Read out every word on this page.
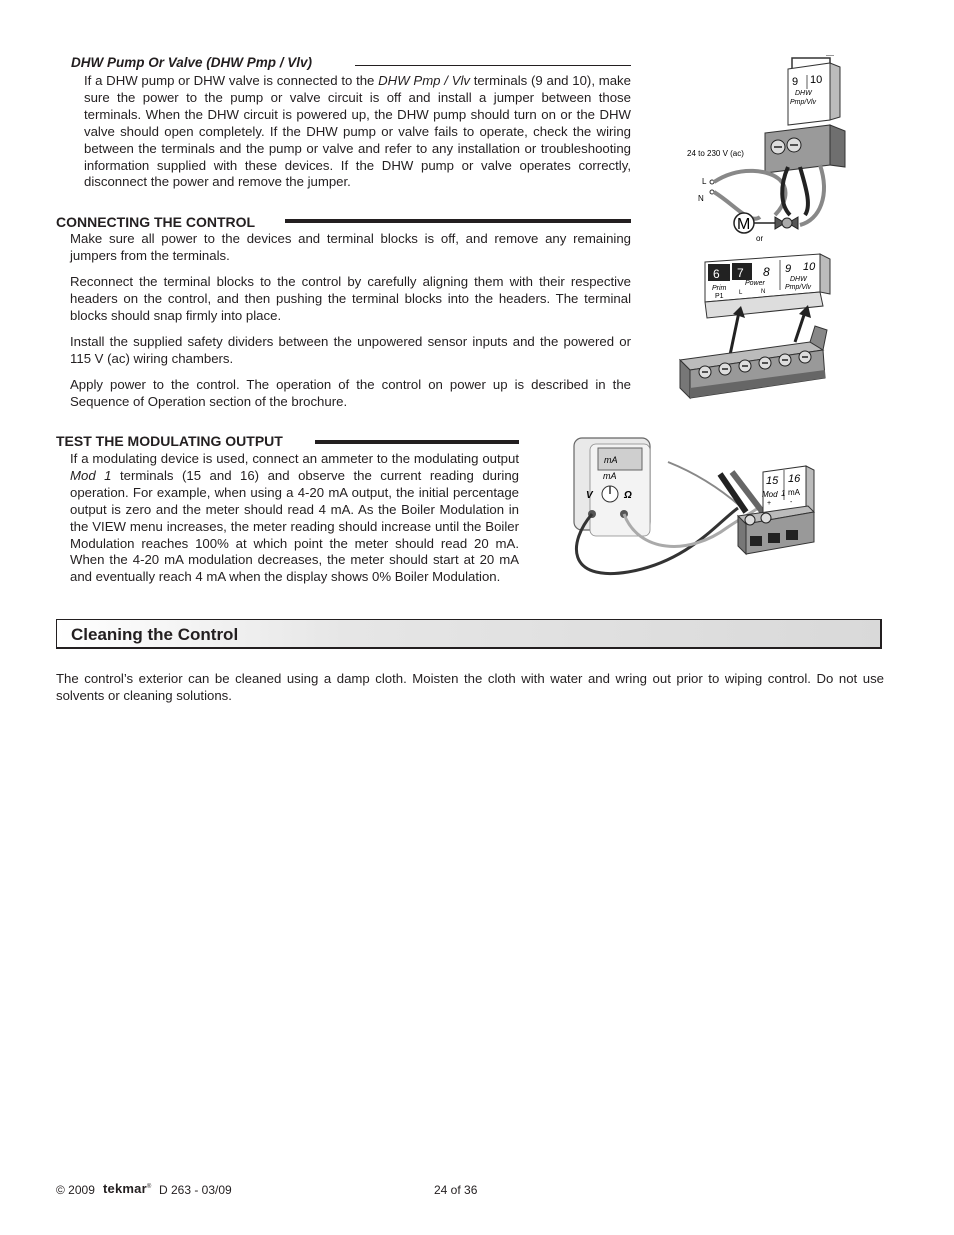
DHW Pump Or Valve (DHW Pmp / Vlv)

If a DHW pump or DHW valve is connected to the DHW Pmp / Vlv terminals (9 and 10), make sure the power to the pump or valve circuit is off and install a jumper between those terminals. When the DHW circuit is powered up, the DHW pump should turn on or the DHW valve should open completely. If the DHW pump or valve fails to operate, check the wiring between the terminals and the pump or valve and refer to any installation or troubleshooting information supplied with these devices. If the DHW pump or valve operates correctly, disconnect the power and remove the jumper.

CONNECTING THE CONTROL

Make sure all power to the devices and terminal blocks is off, and remove any remaining jumpers from the terminals.

Reconnect the terminal blocks to the control by carefully aligning them with their respective headers on the control, and then pushing the terminal blocks into the headers. The terminal blocks should snap firmly into place.

Install the supplied safety dividers between the unpowered sensor inputs and the powered or 115 V (ac) wiring chambers.

Apply power to the control. The operation of the control on power up is described in the Sequence of Operation section of the brochure.

TEST THE MODULATING OUTPUT

If a modulating device is used, connect an ammeter to the modulating output Mod 1 terminals (15 and 16) and observe the current reading during operation. For example, when using a 4-20 mA output, the initial percentage output is zero and the meter should read 4 mA. As the Boiler Modulation in the VIEW menu increases, the meter reading should increase until the Boiler Modulation reaches 100% at which point the meter should read 20 mA. When the 4-20 mA modulation decreases, the meter should start at 20 mA and eventually reach 4 mA when the display shows 0% Boiler Modulation.

9 10
DHW
Pmp/Vlv
24 to 230 V (ac)
L
N
M
or
6 7 8 9 10
Prim
P1
Power
L	N
DHW
Pmp/Vlv
mA
mA
V	Ω
15 16
Mod 1 mA
+	-
Cleaning the Control

The control’s exterior can be cleaned using a damp cloth. Moisten the cloth with water and wring out prior to wiping control. Do not use solvents or cleaning solutions.

© 2009 tekmar® D 263 - 03/09	24 of 36
